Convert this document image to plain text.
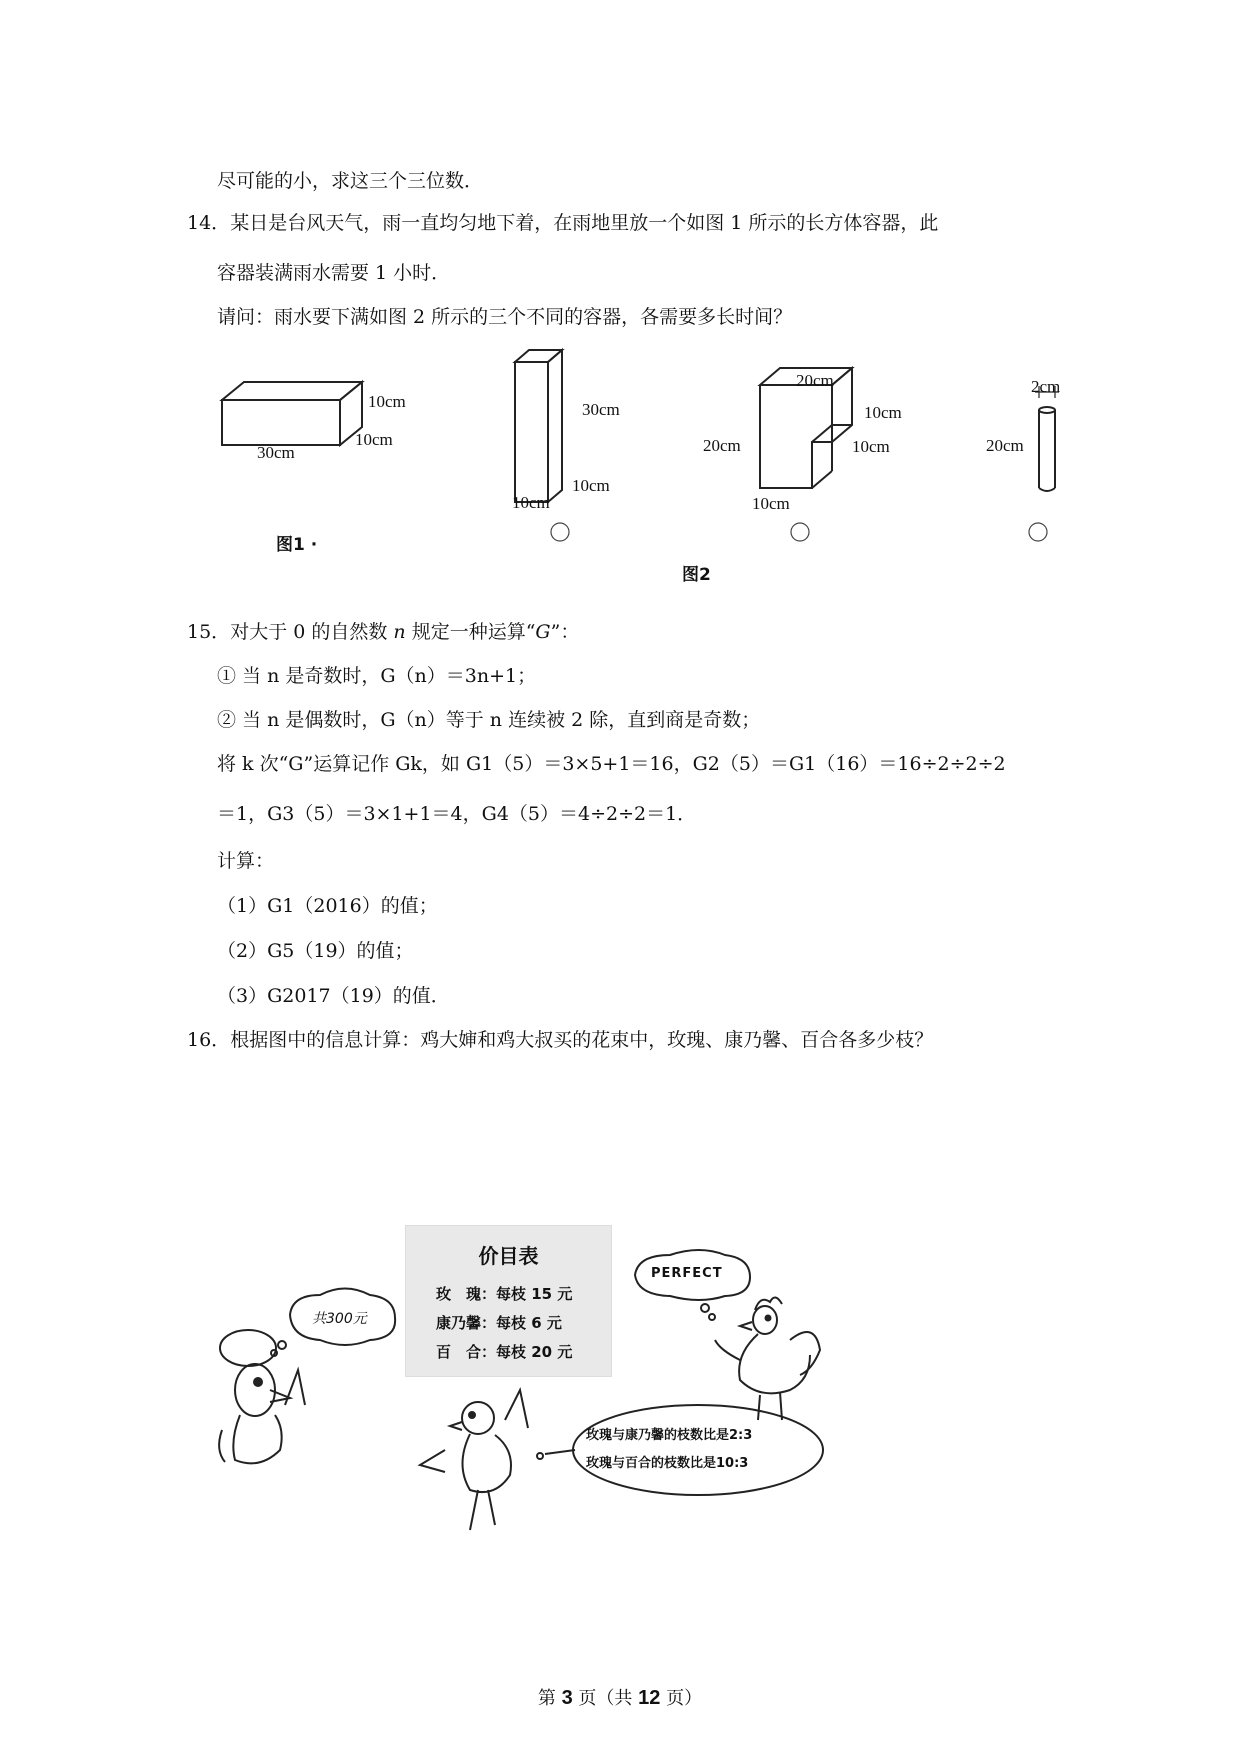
尽可能的小，求这三个三位数．
14．某日是台风天气，雨一直均匀地下着，在雨地里放一个如图 1 所示的长方体容器，此
容器装满雨水需要 1 小时．
请问：雨水要下满如图 2 所示的三个不同的容器，各需要多长时间？
30cm
10cm
10cm
图1 ·
30cm
10cm
10cm
20cm
10cm
10cm
20cm
10cm
2cm
20cm
图2
15．对大于 0 的自然数 n 规定一种运算“G”：
① 当 n 是奇数时，G（n）＝3n+1；
② 当 n 是偶数时，G（n）等于 n 连续被 2 除，直到商是奇数；
将 k 次“G”运算记作 Gk，如 G1（5）＝3×5+1＝16，G2（5）＝G1（16）＝16÷2÷2÷2
＝1，G3（5）＝3×1+1＝4，G4（5）＝4÷2÷2＝1．
计算：
（1）G1（2016）的值；
（2）G5（19）的值；
（3）G2017（19）的值．
16．根据图中的信息计算：鸡大婶和鸡大叔买的花束中，玫瑰、康乃馨、百合各多少枝？
价目表
玫　瑰：每枝 15 元
康乃馨：每枝 6 元
百　合：每枝 20 元
共300元
PERFECT
玫瑰与康乃馨的枝数比是2:3
玫瑰与百合的枝数比是10:3
第 3 页（共 12 页）
